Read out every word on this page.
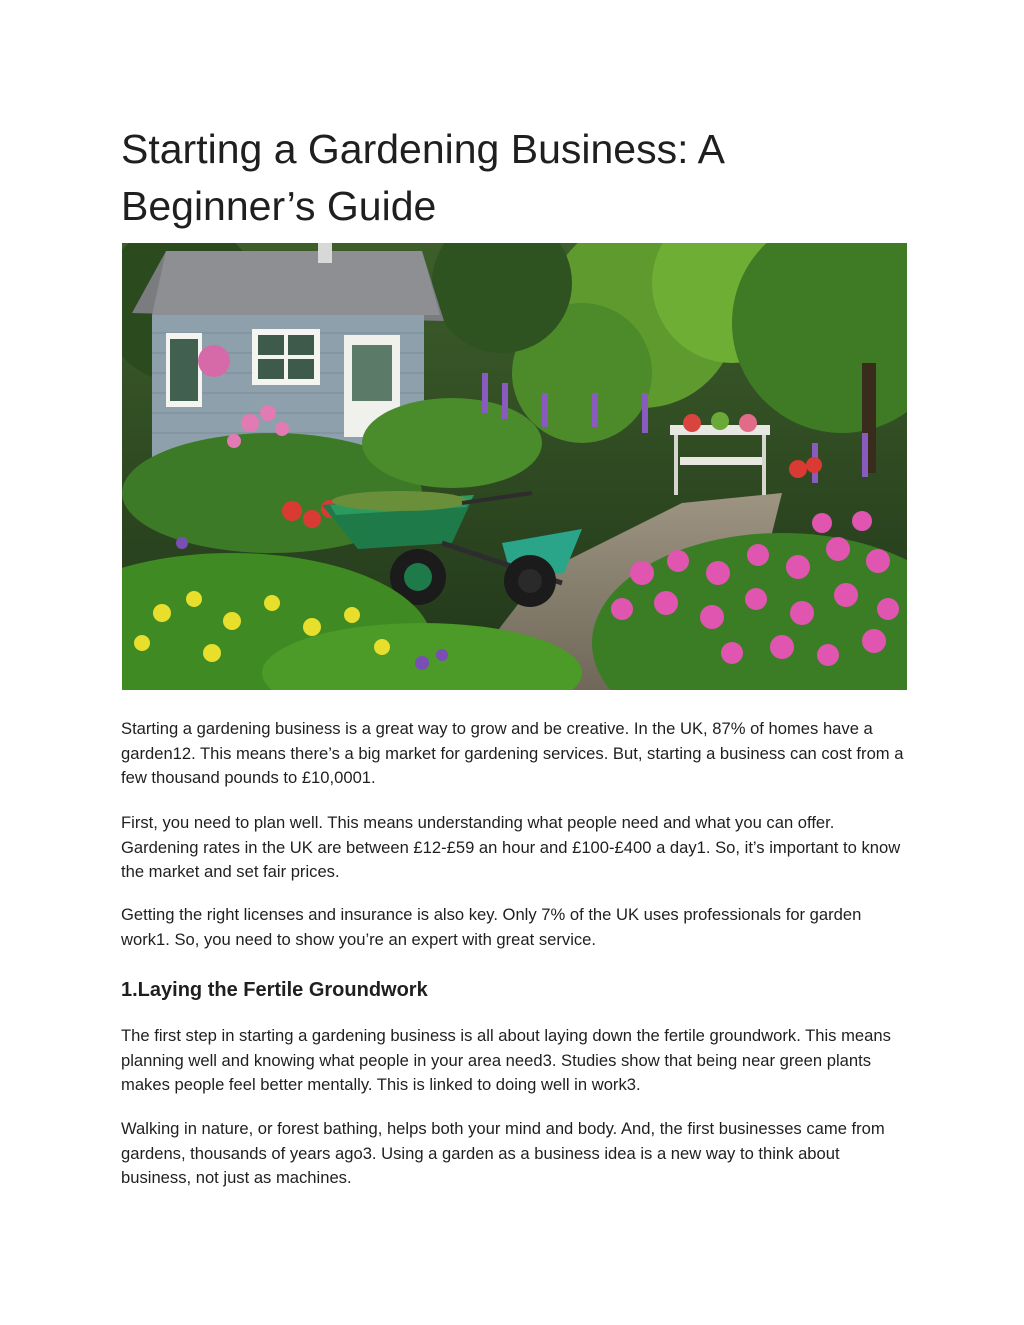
Starting a Gardening Business: A Beginner’s Guide

Starting a gardening business is a great way to grow and be creative. In the UK, 87% of homes have a garden12. This means there’s a big market for gardening services. But, starting a business can cost from a few thousand pounds to £10,0001.

First, you need to plan well. This means understanding what people need and what you can offer. Gardening rates in the UK are between £12-£59 an hour and £100-£400 a day1. So, it’s important to know the market and set fair prices.

Getting the right licenses and insurance is also key. Only 7% of the UK uses professionals for garden work1. So, you need to show you’re an expert with great service.

1.Laying the Fertile Groundwork

The first step in starting a gardening business is all about laying down the fertile groundwork. This means planning well and knowing what people in your area need3. Studies show that being near green plants makes people feel better mentally. This is linked to doing well in work3.

Walking in nature, or forest bathing, helps both your mind and body. And, the first businesses came from gardens, thousands of years ago3. Using a garden as a business idea is a new way to think about business, not just as machines.
